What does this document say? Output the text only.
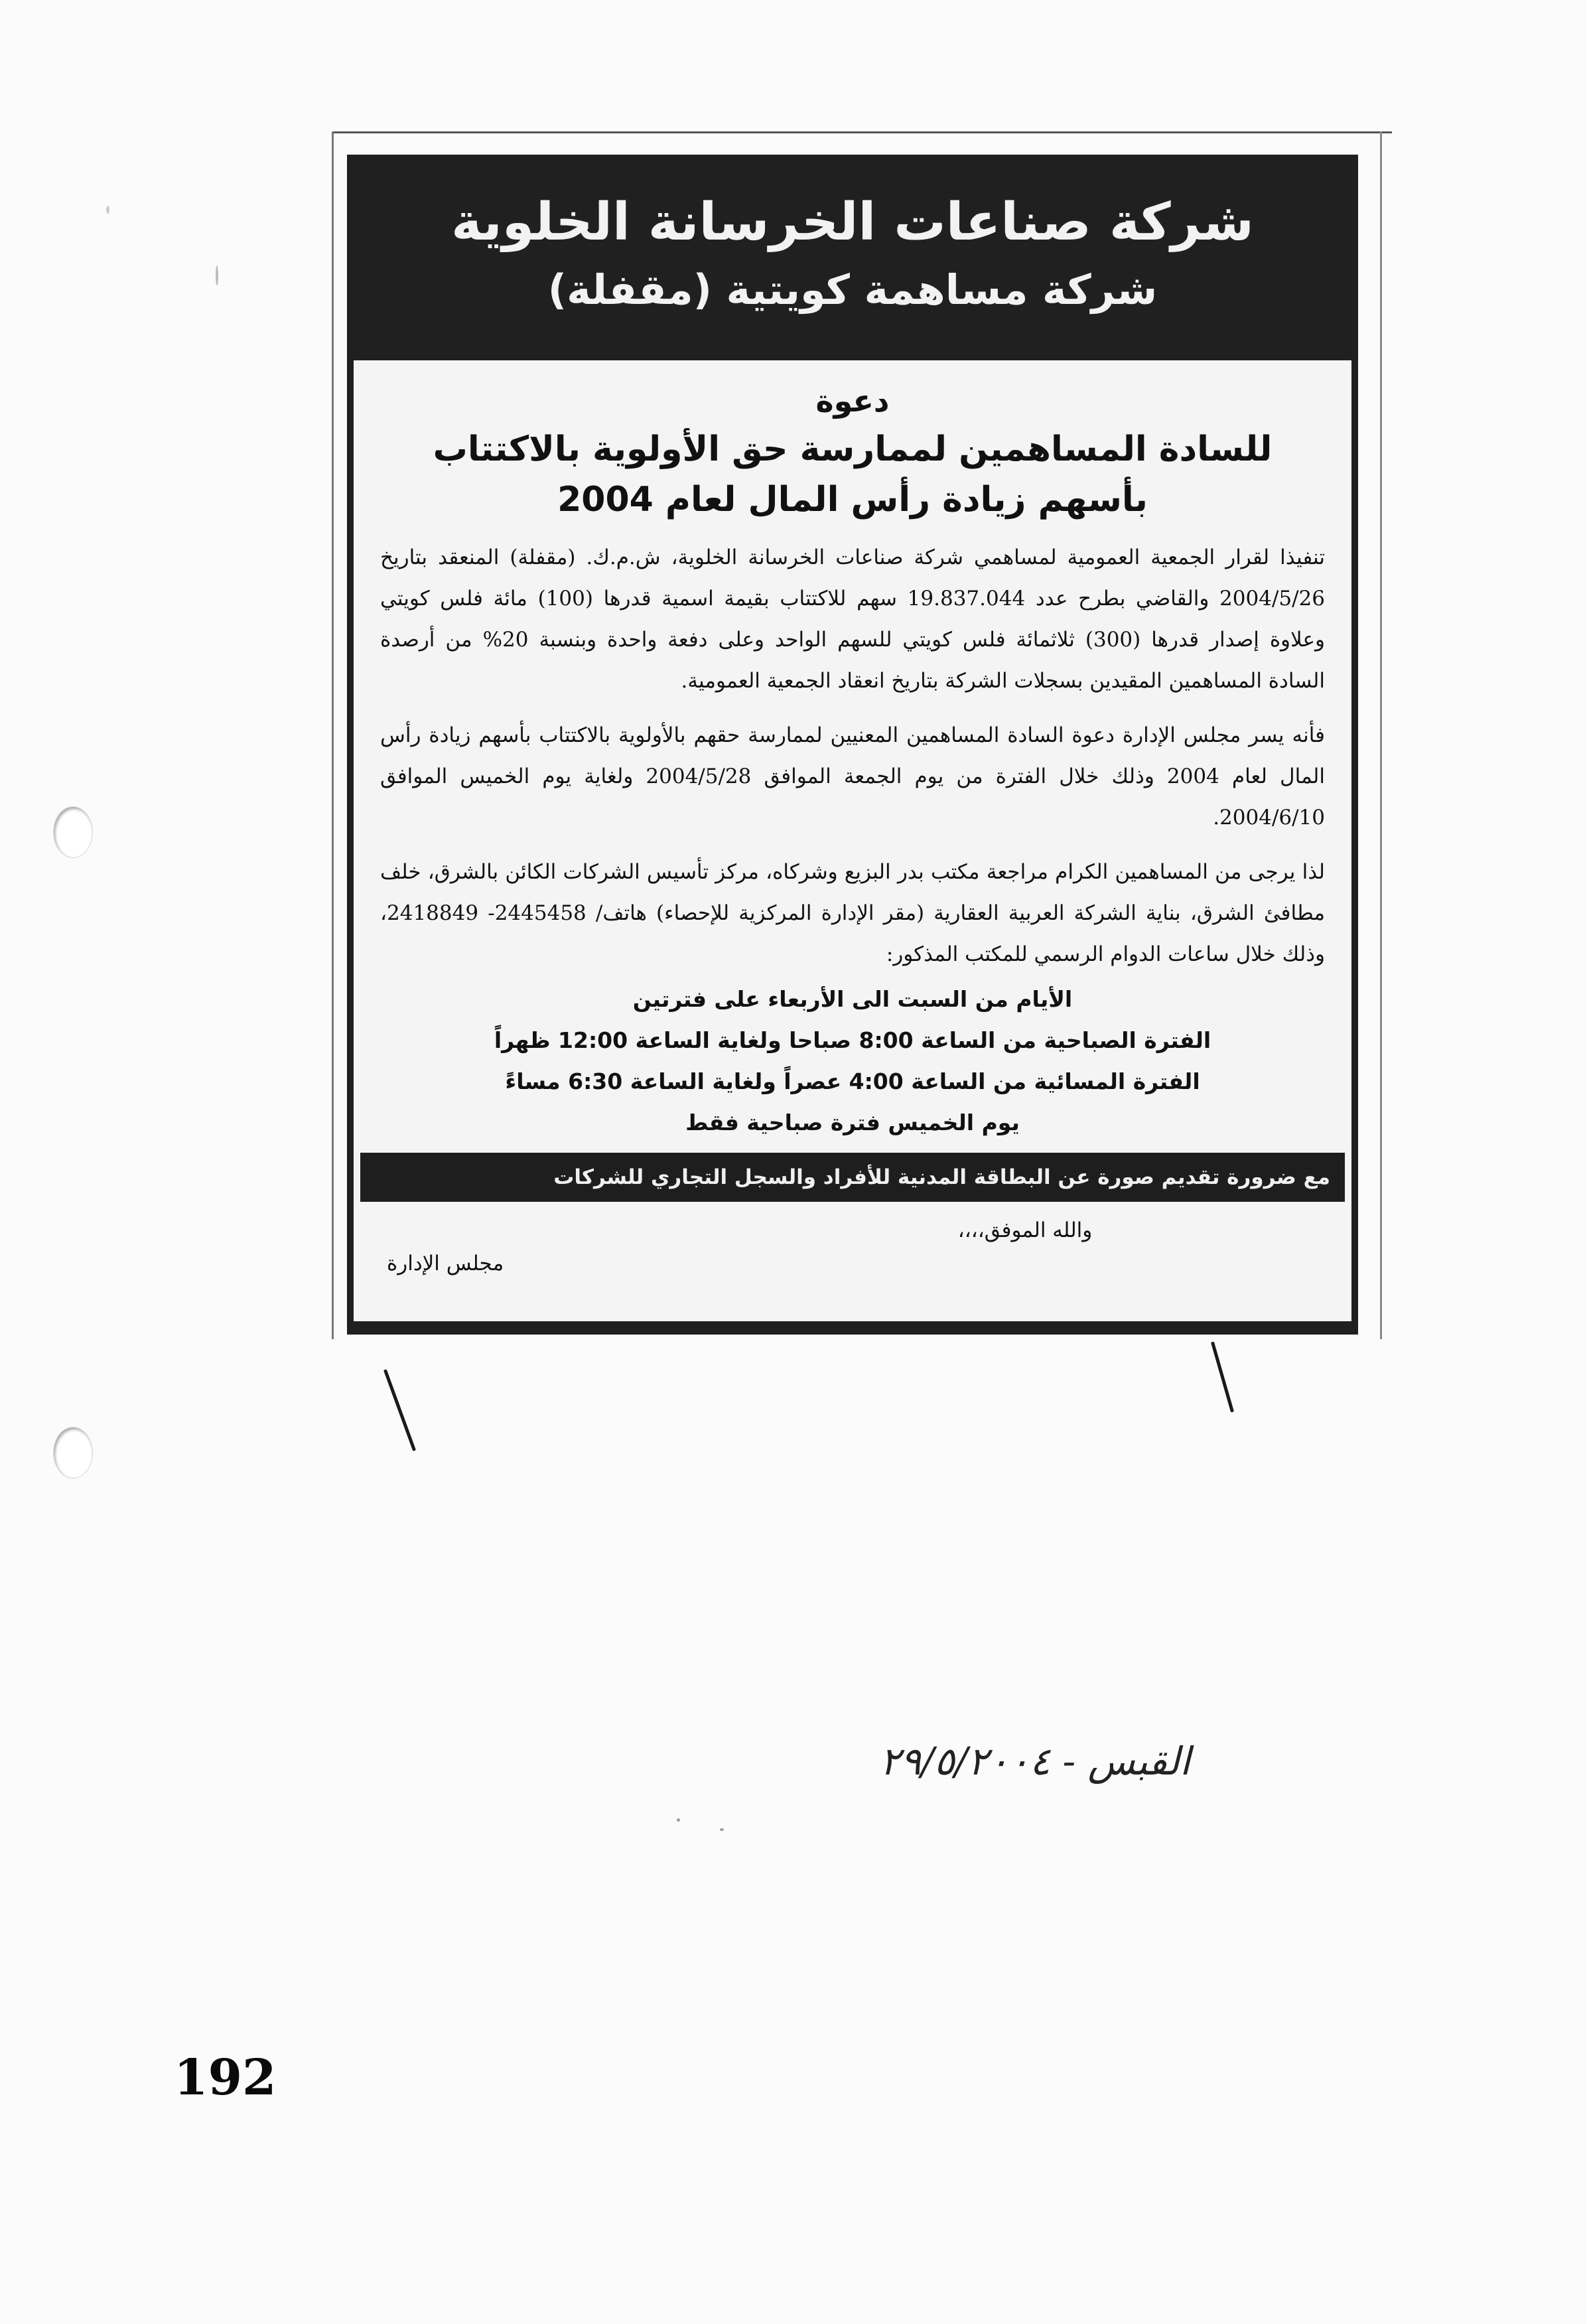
شركة صناعات الخرسانة الخلوية
شركة مساهمة كويتية (مقفلة)
دعوة
للسادة المساهمين لممارسة حق الأولوية بالاكتتاب
بأسهم زيادة رأس المال لعام 2004

تنفيذا لقرار الجمعية العمومية لمساهمي شركة صناعات الخرسانة الخلوية، ش.م.ك. (مقفلة) المنعقد بتاريخ 2004/5/26 والقاضي بطرح عدد 19.837.044 سهم للاكتتاب بقيمة اسمية قدرها (100) مائة فلس كويتي وعلاوة إصدار قدرها (300) ثلاثمائة فلس كويتي للسهم الواحد وعلى دفعة واحدة وبنسبة 20% من أرصدة السادة المساهمين المقيدين بسجلات الشركة بتاريخ انعقاد الجمعية العمومية.

فأنه يسر مجلس الإدارة دعوة السادة المساهمين المعنيين لممارسة حقهم بالأولوية بالاكتتاب بأسهم زيادة رأس المال لعام 2004 وذلك خلال الفترة من يوم الجمعة الموافق 2004/5/28 ولغاية يوم الخميس الموافق 2004/6/10.

لذا يرجى من المساهمين الكرام مراجعة مكتب بدر البزيع وشركاه، مركز تأسيس الشركات الكائن بالشرق، خلف مطافئ الشرق، بناية الشركة العربية العقارية (مقر الإدارة المركزية للإحصاء) هاتف/ 2445458- 2418849، وذلك خلال ساعات الدوام الرسمي للمكتب المذكور:

الأيام من السبت الى الأربعاء على فترتين
الفترة الصباحية من الساعة 8:00 صباحا ولغاية الساعة 12:00 ظهراً
الفترة المسائية من الساعة 4:00 عصراً ولغاية الساعة 6:30 مساءً
يوم الخميس فترة صباحية فقط
مع ضرورة تقديم صورة عن البطاقة المدنية للأفراد والسجل التجاري للشركات
والله الموفق،،،،
مجلس الإدارة
القبس - ٢٩/٥/٢٠٠٤
192
